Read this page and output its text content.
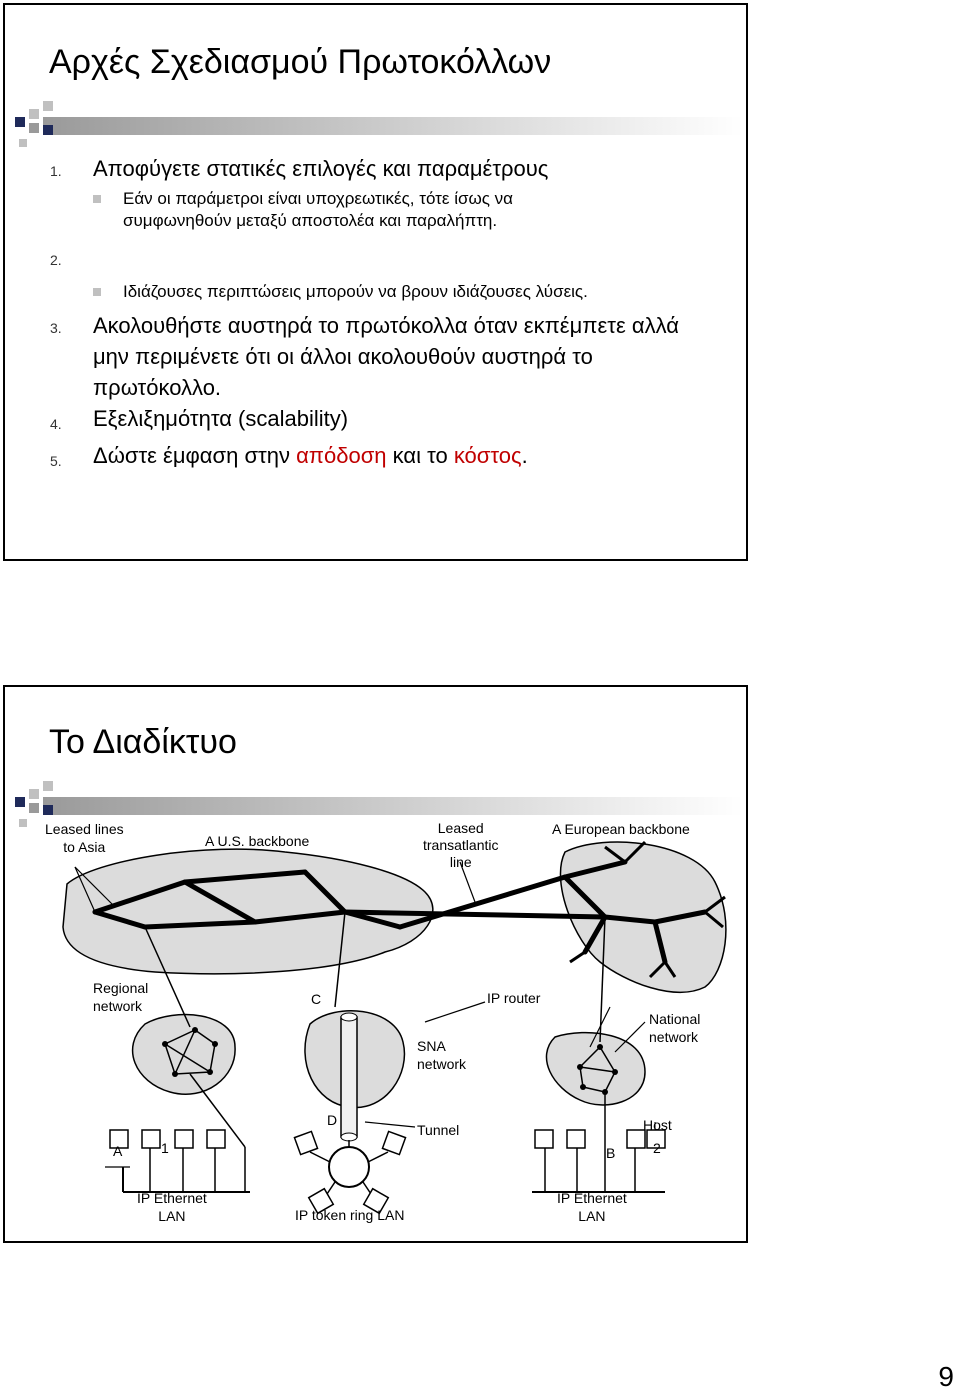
Αρχές Σχεδιασμού Πρωτοκόλλων
1. Αποφύγετε στατικές επιλογές και παραμέτρους
Εάν οι παράμετροι είναι υποχρεωτικές, τότε ίσως να συμφωνηθούν μεταξύ αποστολέα και παραλήπτη.
2.
Ιδιάζουσες περιπτώσεις μπορούν να βρουν ιδιάζουσες λύσεις.
3. Ακολουθήστε αυστηρά το πρωτόκολλα όταν εκπέμπετε αλλά μην περιμένετε ότι οι άλλοι ακολουθούν αυστηρά το πρωτόκολλο.
4. Εξελιξημότητα (scalability)
5. Δώστε έμφαση στην απόδοση και το κόστος.
Το Διαδίκτυο
Leased lines
to Asia	A U.S. backbone
Leased
transatlantic
line
A European backbone
Regional
network	C	IP router
National
network
SNA
network
D
Tunnel	Host
A	1	B	2
IP Ethernet
LAN	IP token ring LAN
IP Ethernet
LAN
9
